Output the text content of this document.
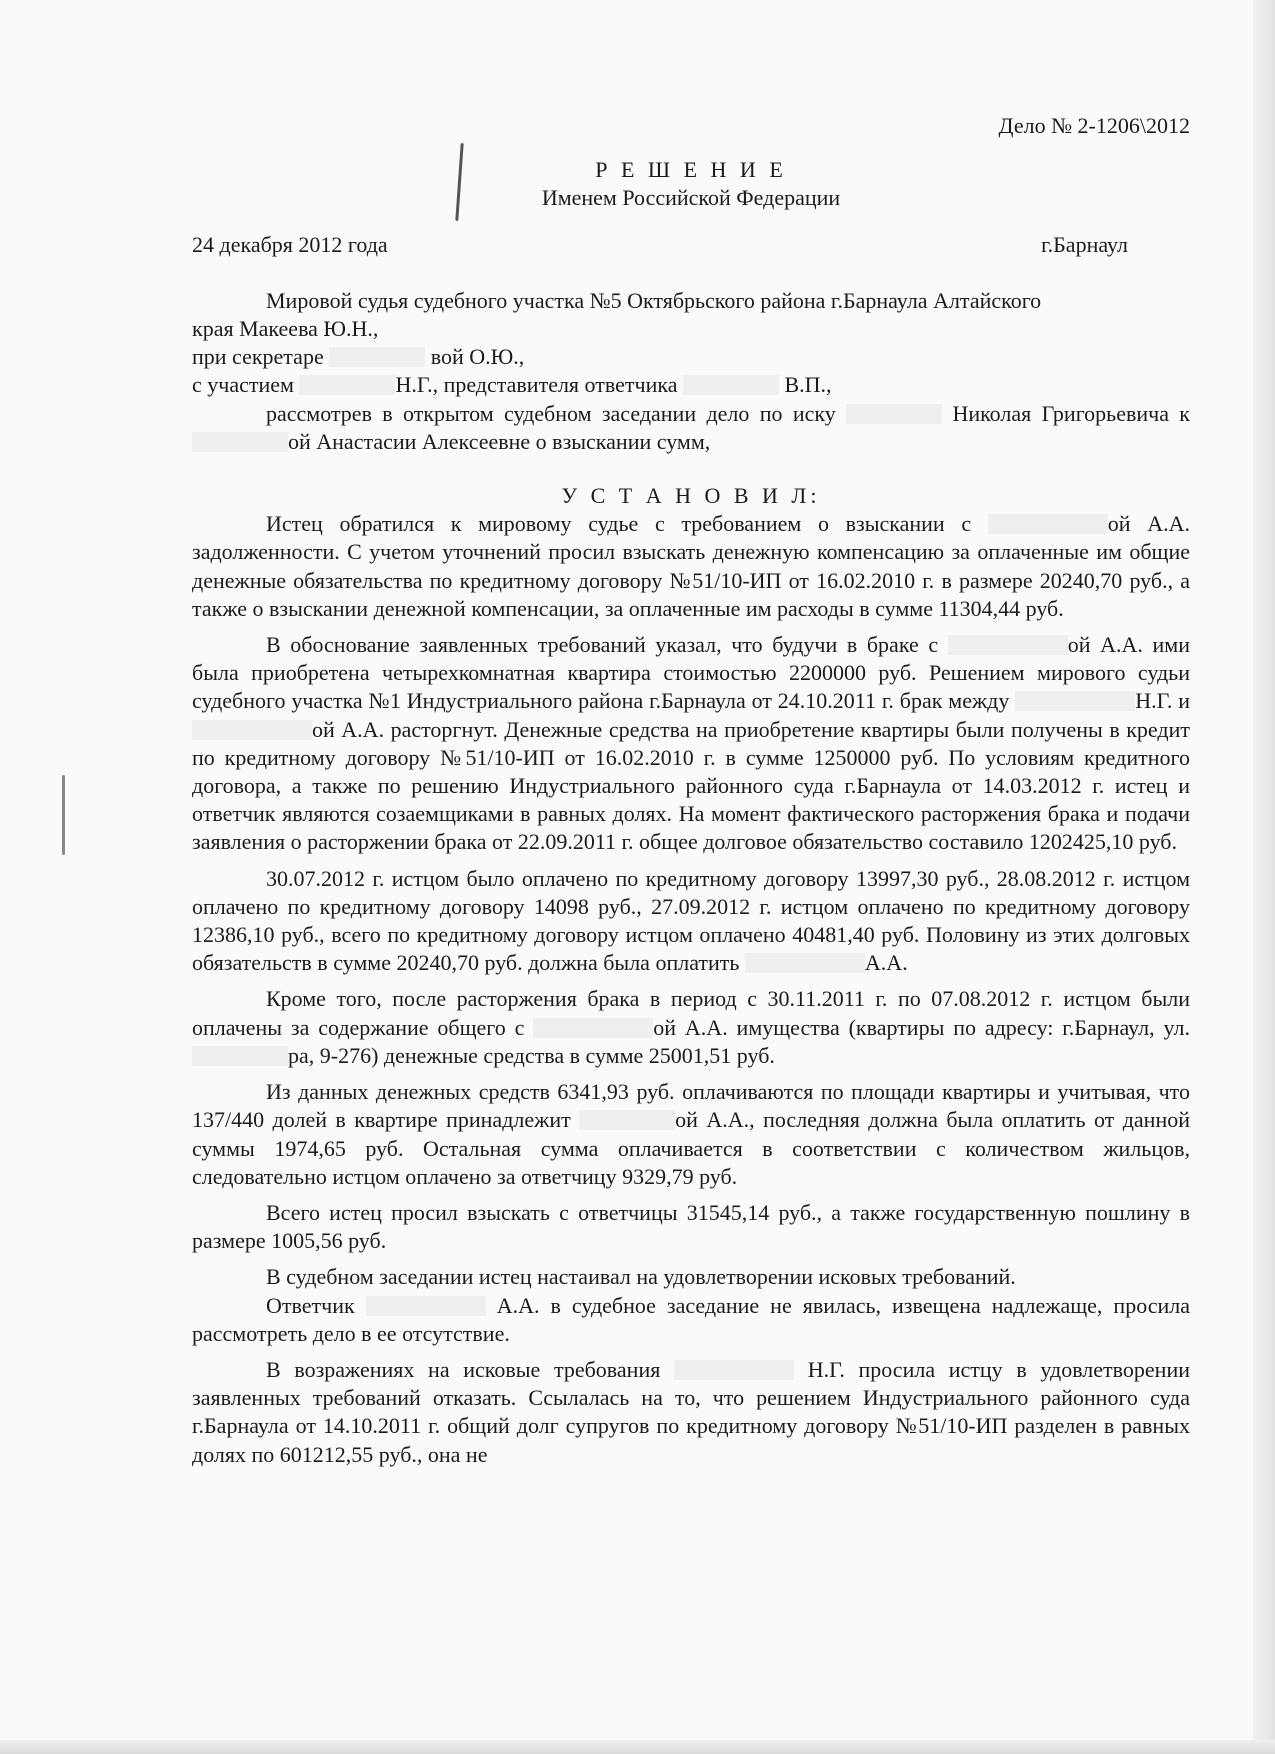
Дело № 2-1206\2012

Р Е Ш Е Н И Е

Именем Российской Федерации

24 декабря 2012 года	г.Барнаул

Мировой судья судебного участка №5 Октябрьского района г.Барнаула Алтайского

края Макеева Ю.Н.,

при секретаре	вой О.Ю.,

с участием	Н.Г., представителя ответчика	В.П.,

рассмотрев в открытом судебном заседании дело по иску	Николая Григорьевича к ой Анастасии Алексеевне о взыскании сумм,

У С Т А Н О В И Л:

Истец обратился к мировому судье с требованием о взыскании с	ой А.А. задолженности. С учетом уточнений просил взыскать денежную компенсацию за оплаченные им общие денежные обязательства по кредитному договору №51/10-ИП от 16.02.2010 г. в размере 20240,70 руб., а также о взыскании денежной компенсации, за оплаченные им расходы в сумме 11304,44 руб.

В обоснование заявленных требований указал, что будучи в браке с	ой А.А. ими была приобретена четырехкомнатная квартира стоимостью 2200000 руб. Решением мирового судьи судебного участка №1 Индустриального района г.Барнаула от 24.10.2011 г. брак между	Н.Г. и ой А.А. расторгнут. Денежные средства на приобретение квартиры были получены в кредит по кредитному договору №51/10-ИП от 16.02.2010 г. в сумме 1250000 руб. По условиям кредитного договора, а также по решению Индустриального районного суда г.Барнаула от 14.03.2012 г. истец и ответчик являются созаемщиками в равных долях. На момент фактического расторжения брака и подачи заявления о расторжении брака от 22.09.2011 г. общее долговое обязательство составило 1202425,10 руб.

30.07.2012 г. истцом было оплачено по кредитному договору 13997,30 руб., 28.08.2012 г. истцом оплачено по кредитному договору 14098 руб., 27.09.2012 г. истцом оплачено по кредитному договору 12386,10 руб., всего по кредитному договору истцом оплачено 40481,40 руб. Половину из этих долговых обязательств в сумме 20240,70 руб. должна была оплатить	А.А.

Кроме того, после расторжения брака в период с 30.11.2011 г. по 07.08.2012 г. истцом были оплачены за содержание общего с	ой А.А. имущества (квартиры по адресу: г.Барнаул, ул. ра, 9-276) денежные средства в сумме 25001,51 руб.

Из данных денежных средств 6341,93 руб. оплачиваются по площади квартиры и учитывая, что 137/440 долей в квартире принадлежит	ой А.А., последняя должна была оплатить от данной суммы 1974,65 руб. Остальная сумма оплачивается в соответствии с количеством жильцов, следовательно истцом оплачено за ответчицу 9329,79 руб.

Всего истец просил взыскать с ответчицы 31545,14 руб., а также государственную пошлину в размере 1005,56 руб.

В судебном заседании истец настаивал на удовлетворении исковых требований.

Ответчик	А.А. в судебное заседание не явилась, извещена надлежаще, просила рассмотреть дело в ее отсутствие.

В возражениях на исковые требования	Н.Г. просила истцу в удовлетворении заявленных требований отказать. Ссылалась на то, что решением Индустриального районного суда г.Барнаула от 14.10.2011 г. общий долг супругов по кредитному договору №51/10-ИП разделен в равных долях по 601212,55 руб., она не
